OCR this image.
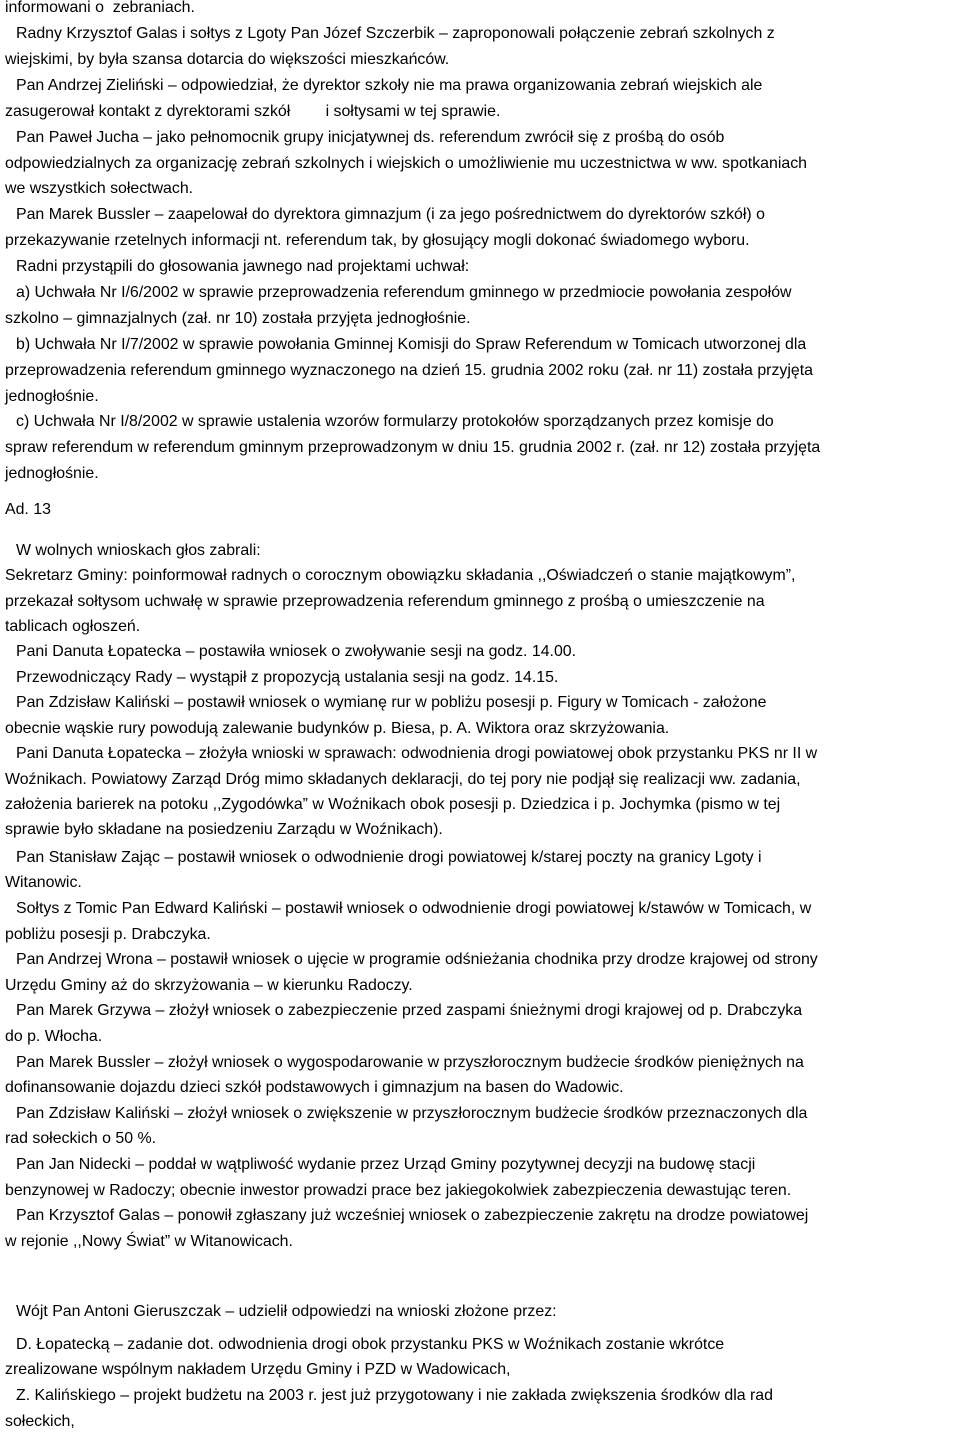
informowani o  zebraniach.

Radny Krzysztof Galas i sołtys z Lgoty Pan Józef Szczerbik – zaproponowali połączenie zebrań szkolnych z

wiejskimi, by była szansa dotarcia do większości mieszkańców.

Pan Andrzej Zieliński – odpowiedział, że dyrektor szkoły nie ma prawa organizowania zebrań wiejskich ale

zasugerował kontakt z dyrektorami szkół        i sołtysami w tej sprawie.

Pan Paweł Jucha – jako pełnomocnik grupy inicjatywnej ds. referendum zwrócił się z prośbą do osób

odpowiedzialnych za organizację zebrań szkolnych i wiejskich o umożliwienie mu uczestnictwa w ww. spotkaniach

we wszystkich sołectwach.

Pan Marek Bussler – zaapelował do dyrektora gimnazjum (i za jego pośrednictwem do dyrektorów szkół) o

przekazywanie rzetelnych informacji nt. referendum tak, by głosujący mogli dokonać świadomego wyboru.

Radni przystąpili do głosowania jawnego nad projektami uchwał:

a) Uchwała Nr I/6/2002 w sprawie przeprowadzenia referendum gminnego w przedmiocie powołania zespołów

szkolno – gimnazjalnych (zał. nr 10) została przyjęta jednogłośnie.

b) Uchwała Nr I/7/2002 w sprawie powołania Gminnej Komisji do Spraw Referendum w Tomicach utworzonej dla

przeprowadzenia referendum gminnego wyznaczonego na dzień 15. grudnia 2002 roku (zał. nr 11) została przyjęta

jednogłośnie.

c) Uchwała Nr I/8/2002 w sprawie ustalenia wzorów formularzy protokołów sporządzanych przez komisje do

spraw referendum w referendum gminnym przeprowadzonym w dniu 15. grudnia 2002 r. (zał. nr 12) została przyjęta

jednogłośnie.

Ad. 13

W wolnych wnioskach głos zabrali:

Sekretarz Gminy: poinformował radnych o corocznym obowiązku składania ,,Oświadczeń o stanie majątkowym”,

przekazał sołtysom uchwałę w sprawie przeprowadzenia referendum gminnego z prośbą o umieszczenie na

tablicach ogłoszeń.

Pani Danuta Łopatecka – postawiła wniosek o zwoływanie sesji na godz. 14.00.

Przewodniczący Rady – wystąpił z propozycją ustalania sesji na godz. 14.15.

Pan Zdzisław Kaliński – postawił wniosek o wymianę rur w pobliżu posesji p. Figury w Tomicach - założone

obecnie wąskie rury powodują zalewanie budynków p. Biesa, p. A. Wiktora oraz skrzyżowania.

Pani Danuta Łopatecka – złożyła wnioski w sprawach: odwodnienia drogi powiatowej obok przystanku PKS nr II w

Woźnikach. Powiatowy Zarząd Dróg mimo składanych deklaracji, do tej pory nie podjął się realizacji ww. zadania,

założenia barierek na potoku ,,Zygodówka” w Woźnikach obok posesji p. Dziedzica i p. Jochymka (pismo w tej

sprawie było składane na posiedzeniu Zarządu w Woźnikach).

Pan Stanisław Zając – postawił wniosek o odwodnienie drogi powiatowej k/starej poczty na granicy Lgoty i

Witanowic.

Sołtys z Tomic Pan Edward Kaliński – postawił wniosek o odwodnienie drogi powiatowej k/stawów w Tomicach, w

pobliżu posesji p. Drabczyka.

Pan Andrzej Wrona – postawił wniosek o ujęcie w programie odśnieżania chodnika przy drodze krajowej od strony

Urzędu Gminy aż do skrzyżowania – w kierunku Radoczy.

Pan Marek Grzywa – złożył wniosek o zabezpieczenie przed zaspami śnieżnymi drogi krajowej od p. Drabczyka

do p. Włocha.

Pan Marek Bussler – złożył wniosek o wygospodarowanie w przyszłorocznym budżecie środków pieniężnych na

dofinansowanie dojazdu dzieci szkół podstawowych i gimnazjum na basen do Wadowic.

Pan Zdzisław Kaliński – złożył wniosek o zwiększenie w przyszłorocznym budżecie środków przeznaczonych dla

rad sołeckich o 50 %.

Pan Jan Nidecki – poddał w wątpliwość wydanie przez Urząd Gminy pozytywnej decyzji na budowę stacji

benzynowej w Radoczy; obecnie inwestor prowadzi prace bez jakiegokolwiek zabezpieczenia dewastując teren.

Pan Krzysztof Galas – ponowił zgłaszany już wcześniej wniosek o zabezpieczenie zakrętu na drodze powiatowej

w rejonie ,,Nowy Świat” w Witanowicach.

Wójt Pan Antoni Gieruszczak – udzielił odpowiedzi na wnioski złożone przez:

D. Łopatecką – zadanie dot. odwodnienia drogi obok przystanku PKS w Woźnikach zostanie wkrótce

zrealizowane wspólnym nakładem Urzędu Gminy i PZD w Wadowicach,

Z. Kalińskiego – projekt budżetu na 2003 r. jest już przygotowany i nie zakłada zwiększenia środków dla rad

sołeckich,
